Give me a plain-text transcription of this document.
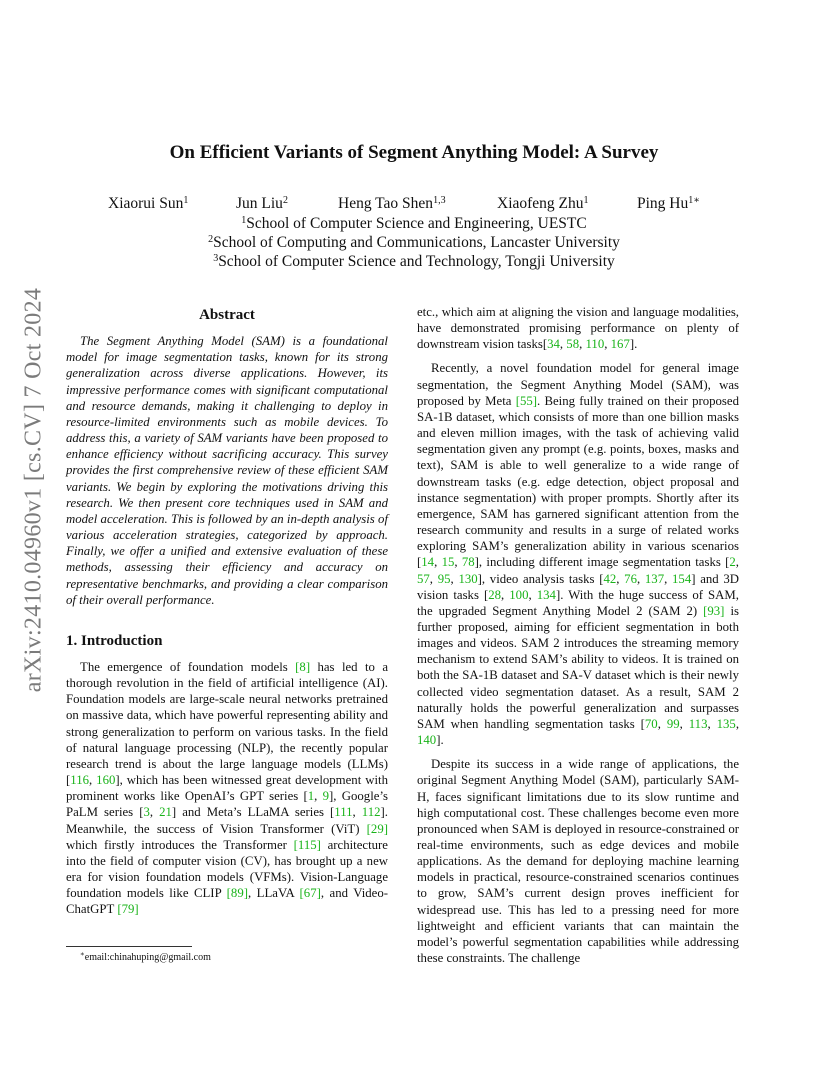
arXiv:2410.04960v1 [cs.CV] 7 Oct 2024
On Efficient Variants of Segment Anything Model: A Survey
Xiaorui Sun$^1$	Jun Liu$^2$	Heng Tao Shen$^{1,3}$	Xiaofeng Zhu$^1$	Ping $Hu^{1∗}$
$^1$School of Computer Science and Engineering, UESTC
$^2$School of Computing and Communications, Lancaster University
$^3$School of Computer Science and Technology, Tongji University
Abstract

The Segment Anything Model (SAM) is a foundational model for image segmentation tasks, known for its strong generalization across diverse applications. However, its impressive performance comes with significant computational and resource demands, making it challenging to deploy in resource-limited environments such as mobile devices. To address this, a variety of SAM variants have been proposed to enhance efficiency without sacrificing accuracy. This survey provides the first comprehensive review of these efficient SAM variants. We begin by exploring the motivations driving this research. We then present core techniques used in SAM and model acceleration. This is followed by an in-depth analysis of various acceleration strategies, categorized by approach. Finally, we offer a unified and extensive evaluation of these methods, assessing their efficiency and accuracy on representative benchmarks, and providing a clear comparison of their overall performance.

1. Introduction

The emergence of foundation models [8] has led to a thorough revolution in the field of artificial intelligence (AI). Foundation models are large-scale neural networks pretrained on massive data, which have powerful representing ability and strong generalization to perform on various tasks. In the field of natural language processing (NLP), the recently popular research trend is about the large language models (LLMs) [116, 160], which has been witnessed great development with prominent works like OpenAI’s GPT series [1, 9], Google’s PaLM series [3, 21] and Meta’s LLaMA series [111, 112]. Meanwhile, the success of Vision Transformer (ViT) [29] which firstly introduces the Transformer [115] architecture into the field of computer vision (CV), has brought up a new era for vision foundation models (VFMs). Vision-Language foundation models like CLIP [89], LLaVA [67], and Video-ChatGPT [79]

etc., which aim at aligning the vision and language modalities, have demonstrated promising performance on plenty of downstream vision tasks[34, 58, 110, 167].

Recently, a novel foundation model for general image segmentation, the Segment Anything Model (SAM), was proposed by Meta [55]. Being fully trained on their proposed SA-1B dataset, which consists of more than one billion masks and eleven million images, with the task of achieving valid segmentation given any prompt (e.g. points, boxes, masks and text), SAM is able to well generalize to a wide range of downstream tasks (e.g. edge detection, object proposal and instance segmentation) with proper prompts. Shortly after its emergence, SAM has garnered significant attention from the research community and results in a surge of related works exploring SAM’s generalization ability in various scenarios [14, 15, 78], including different image segmentation tasks [2, 57, 95, 130], video analysis tasks [42, 76, 137, 154] and 3D vision tasks [28, 100, 134]. With the huge success of SAM, the upgraded Segment Anything Model 2 (SAM 2) [93] is further proposed, aiming for efficient segmentation in both images and videos. SAM 2 introduces the streaming memory mechanism to extend SAM’s ability to videos. It is trained on both the SA-1B dataset and SA-V dataset which is their newly collected video segmentation dataset. As a result, SAM 2 naturally holds the powerful generalization and surpasses SAM when handling segmentation tasks [70, 99, 113, 135, 140].

Despite its success in a wide range of applications, the original Segment Anything Model (SAM), particularly SAM-H, faces significant limitations due to its slow runtime and high computational cost. These challenges become even more pronounced when SAM is deployed in resource-constrained or real-time environments, such as edge devices and mobile applications. As the demand for deploying machine learning models in practical, resource-constrained scenarios continues to grow, SAM’s current design proves inefficient for widespread use. This has led to a pressing need for more lightweight and efficient variants that can maintain the model’s powerful segmentation capabilities while addressing these constraints. The challenge

∗email:chinahuping@gmail.com
